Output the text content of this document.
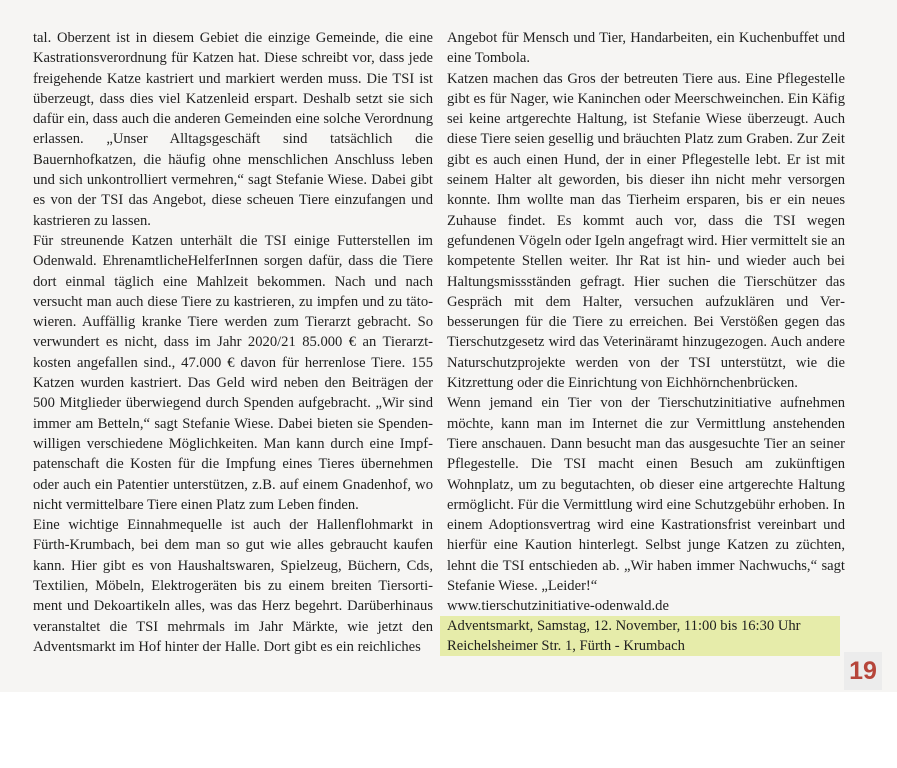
tal. Oberzent ist in diesem Gebiet die einzige Gemeinde, die eine Kastrationsverordnung für Katzen hat. Diese schreibt vor, dass jede freigehende Katze kastriert und markiert werden muss. Die TSI ist überzeugt, dass dies viel Katzenleid erspart. Deshalb setzt sie sich dafür ein, dass auch die anderen Gemeinden eine solche Verordnung erlassen. „Unser Alltagsgeschäft sind tatsächlich die Bauernhofkatzen, die häufig ohne menschlichen Anschluss leben und sich unkontrolliert vermehren,“ sagt Stefanie Wiese. Dabei gibt es von der TSI das Angebot, diese scheuen Tiere einzufangen und kastrieren zu lassen.

Für streunende Katzen unterhält die TSI einige Futterstellen im Odenwald. EhrenamtlicheHelferInnen sorgen dafür, dass die Tiere dort einmal täglich eine Mahlzeit bekommen. Nach und nach versucht man auch diese Tiere zu kastrieren, zu impfen und zu tätowieren. Auffällig kranke Tiere werden zum Tierarzt gebracht. So verwundert es nicht, dass im Jahr 2020/21 85.000 € an Tierarztkosten angefallen sind., 47.000 € davon für herrenlose Tiere. 155 Katzen wurden kastriert. Das Geld wird neben den Beiträgen der 500 Mitglieder überwiegend durch Spenden aufgebracht. „Wir sind immer am Betteln,“ sagt Stefanie Wiese. Dabei bieten sie Spendenwilligen verschiedene Möglichkeiten. Man kann durch eine Impfpatenschaft die Kosten für die Impfung eines Tieres übernehmen oder auch ein Patentier unterstützen, z.B. auf einem Gnadenhof, wo nicht vermittelbare Tiere einen Platz zum Leben finden.

Eine wichtige Einnahmequelle ist auch der Hallenflohmarkt in Fürth-Krumbach, bei dem man so gut wie alles gebraucht kaufen kann. Hier gibt es von Haushaltswaren, Spielzeug, Büchern, Cds, Textilien, Möbeln, Elektrogeräten bis zu einem breiten Tiersortiment und Dekoartikeln alles, was das Herz begehrt. Darüberhinaus veranstaltet die TSI mehrmals im Jahr Märkte, wie jetzt den Adventsmarkt im Hof hinter der Halle. Dort gibt es ein reichliches

Angebot für Mensch und Tier, Handarbeiten, ein Kuchenbuffet und eine Tombola.

Katzen machen das Gros der betreuten Tiere aus. Eine Pflegestelle gibt es für Nager, wie Kaninchen oder Meerschweinchen. Ein Käfig sei keine artgerechte Haltung, ist Stefanie Wiese überzeugt. Auch diese Tiere seien gesellig und bräuchten Platz zum Graben. Zur Zeit gibt es auch einen Hund, der in einer Pflegestelle lebt. Er ist mit seinem Halter alt geworden, bis dieser ihn nicht mehr versorgen konnte. Ihm wollte man das Tierheim ersparen, bis er ein neues Zuhause findet. Es kommt auch vor, dass die TSI wegen gefundenen Vögeln oder Igeln angefragt wird. Hier vermittelt sie an kompetente Stellen weiter. Ihr Rat ist hin- und wieder auch bei Haltungsmissständen gefragt. Hier suchen die Tierschützer das Gespräch mit dem Halter, versuchen aufzuklären und Verbesserungen für die Tiere zu erreichen. Bei Verstößen gegen das Tierschutzgesetz wird das Veterinäramt hinzugezogen. Auch andere Naturschutzprojekte werden von der TSI unterstützt, wie die Kitzrettung oder die Einrichtung von Eichhörnchenbrücken.

Wenn jemand ein Tier von der Tierschutzinitiative aufnehmen möchte, kann man im Internet die zur Vermittlung anstehenden Tiere anschauen. Dann besucht man das ausgesuchte Tier an seiner Pflegestelle. Die TSI macht einen Besuch am zukünftigen Wohnplatz, um zu begutachten, ob dieser eine artgerechte Haltung ermöglicht. Für die Vermittlung wird eine Schutzgebühr erhoben. In einem Adoptionsvertrag wird eine Kastrationsfrist vereinbart und hierfür eine Kaution hinterlegt. Selbst junge Katzen zu züchten, lehnt die TSI entschieden ab. „Wir haben immer Nachwuchs,“ sagt Stefanie Wiese. „Leider!“

www.tierschutzinitiative-odenwald.de
Adventsmarkt, Samstag, 12. November, 11:00 bis 16:30 Uhr
Reichelsheimer Str. 1, Fürth - Krumbach
19
